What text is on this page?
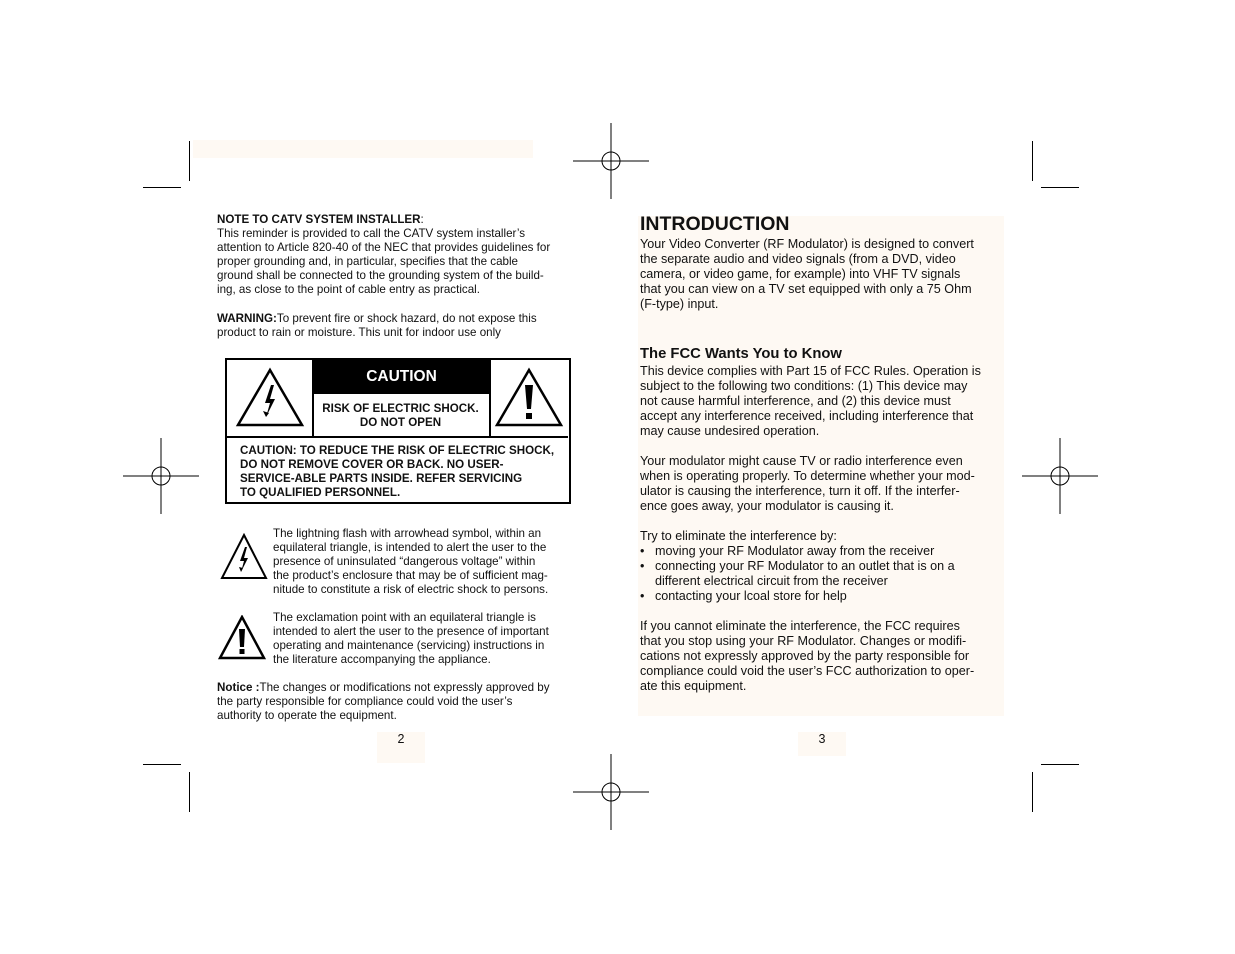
NOTE TO CATV SYSTEM INSTALLER:

This reminder is provided to call the CATV system installer’s
attention to Article 820-40 of the NEC that provides guidelines for
proper grounding and, in particular, specifies that the cable
ground shall be connected to the grounding system of the build-
ing, as close to the point of cable entry as practical.

WARNING:To prevent fire or shock hazard, do not expose this
product to rain or moisture. This unit for indoor use only

CAUTION
RISK OF ELECTRIC SHOCK.
DO NOT OPEN
CAUTION: TO REDUCE THE RISK OF ELECTRIC SHOCK,
DO NOT REMOVE COVER OR BACK. NO USER-
SERVICE-ABLE PARTS INSIDE. REFER SERVICING
TO QUALIFIED PERSONNEL.
The lightning flash with arrowhead symbol, within an
equilateral triangle, is intended to alert the user to the
presence of uninsulated “dangerous voltage” within
the product’s enclosure that may be of sufficient mag-
nitude to constitute a risk of electric shock to persons.
The exclamation point with an equilateral triangle is
intended to alert the user to the presence of important
operating and maintenance (servicing) instructions in
the literature accompanying the appliance.

Notice :The changes or modifications not expressly approved by
the party responsible for compliance could void the user’s
authority to operate the equipment.

2
INTRODUCTION
Your Video Converter (RF Modulator) is designed to convert
the separate audio and video signals (from a DVD, video
camera, or video game, for example) into VHF TV signals
that you can view on a TV set equipped with only a 75 Ohm
(F-type) input.
The FCC Wants You to Know
This device complies with Part 15 of FCC Rules. Operation is
subject to the following two conditions: (1) This device may
not cause harmful interference, and (2) this device must
accept any interference received, including interference that
may cause undesired operation.
Your modulator might cause TV or radio interference even
when is operating properly. To determine whether your mod-
ulator is causing the interference, turn it off. If the interfer-
ence goes away, your modulator is causing it.
Try to eliminate the interference by:
• moving your RF Modulator away from the receiver
• connecting your RF Modulator to an outlet that is on a
different electrical circuit from the receiver
• contacting your lcoal store for help
If you cannot eliminate the interference, the FCC requires
that you stop using your RF Modulator. Changes or modifi-
cations not expressly approved by the party responsible for
compliance could void the user’s FCC authorization to oper-
ate this equipment.
3
